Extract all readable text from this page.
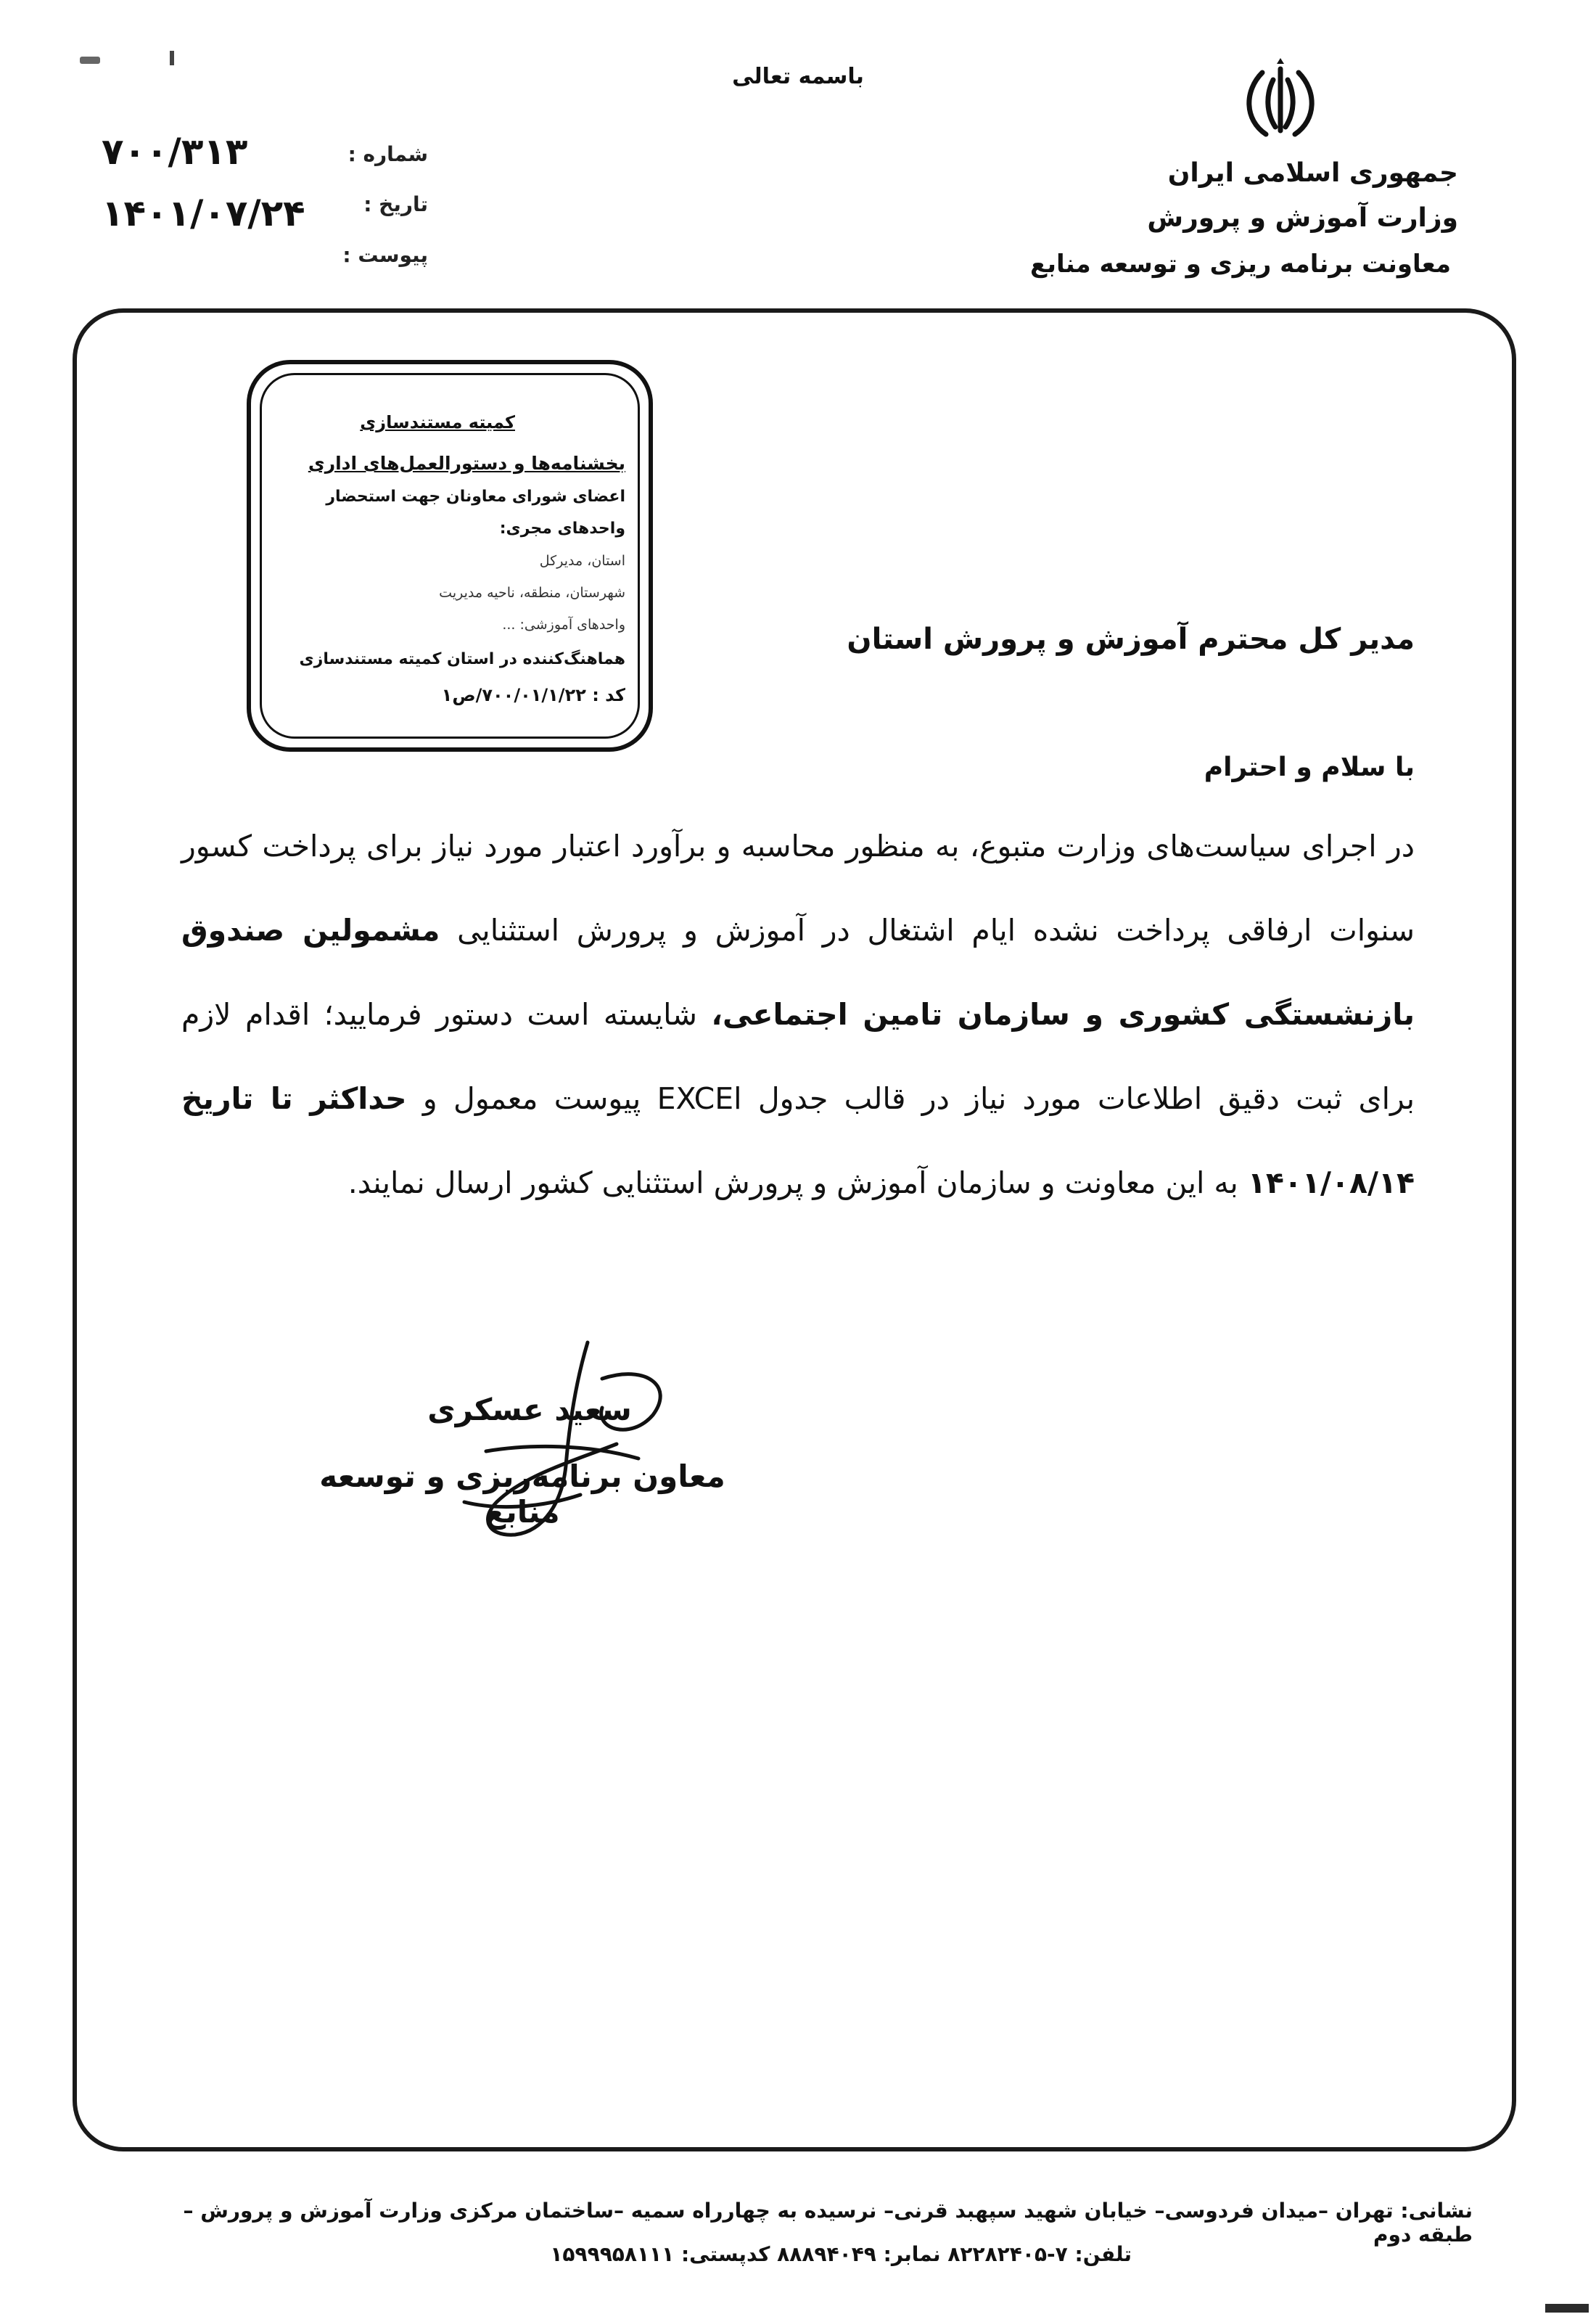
باسمه تعالی
جمهوری اسلامی ایران
وزارت آموزش و پرورش
معاونت برنامه ریزی و توسعه منابع
شماره :
تاریخ :
پیوست :
۷۰۰/۳۱۳
۱۴۰۱/۰۷/۲۴
کمیته مستندسازی
بخشنامه‌ها و دستورالعمل‌های اداری
اعضای شورای معاونان جهت استحضار
واحدهای مجری:
استان، مدیرکل
شهرستان، منطقه، ناحیه مدیریت
واحدهای آموزشی: ...
هماهنگ‌کننده در استان کمیته مستندسازی
کد : ۷۰۰/۰۱/۱/۲۲/ص۱
مدیر کل محترم آموزش و پرورش استان
با سلام و احترام
در اجرای سیاست‌های وزارت متبوع، به منظور محاسبه و برآورد اعتبار مورد نیاز برای پرداخت کسور سنوات ارفاقی پرداخت نشده ایام اشتغال در آموزش و پرورش استثنایی مشمولین صندوق بازنشستگی کشوری و سازمان تامین اجتماعی، شایسته است دستور فرمایید؛ اقدام لازم برای ثبت دقیق اطلاعات مورد نیاز در قالب جدول EXCEl پیوست معمول و حداکثر تا تاریخ ۱۴۰۱/۰۸/۱۴ به این معاونت و سازمان آموزش و پرورش استثنایی کشور ارسال نمایند.
سعید عسکری
معاون برنامه‌ریزی و توسعه منابع
نشانی: تهران –میدان فردوسی– خیابان شهید سپهبد قرنی– نرسیده به چهارراه سمیه –ساختمان مرکزی وزارت آموزش و پرورش –طبقه دوم
تلفن: ۷-۸۲۲۸۲۴۰۵ نمابر: ۸۸۸۹۴۰۴۹ کدپستی: ۱۵۹۹۹۵۸۱۱۱
